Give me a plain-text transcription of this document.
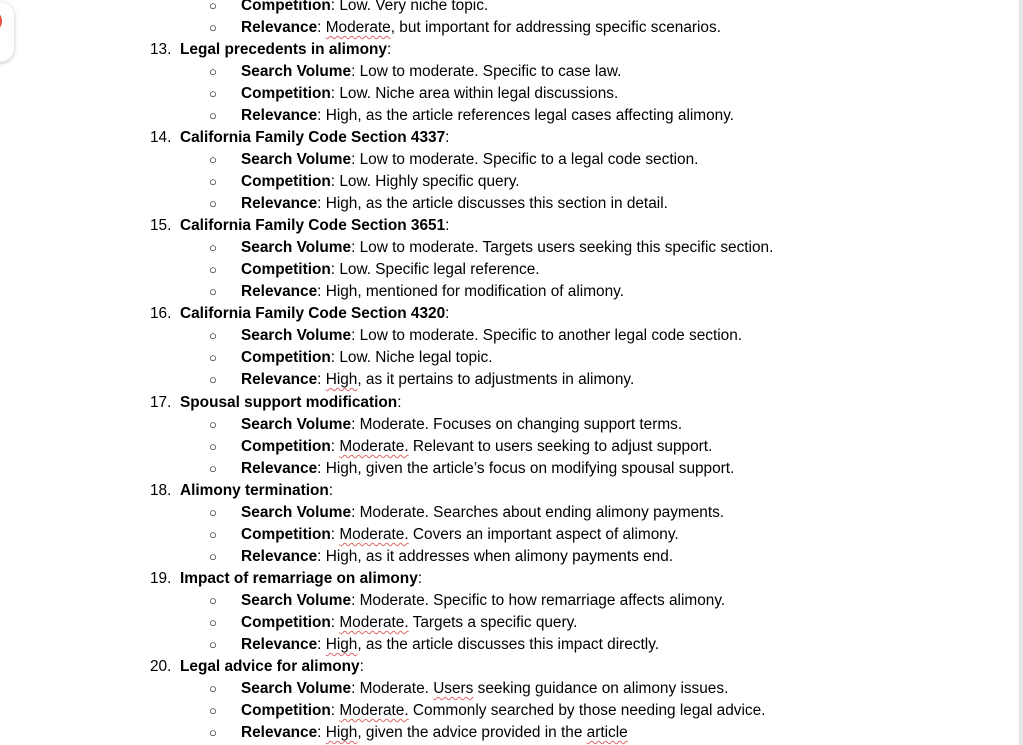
○ Competition: Low. Very niche topic.
○ Relevance: Moderate, but important for addressing specific scenarios.
13. Legal precedents in alimony:
○ Search Volume: Low to moderate. Specific to case law.
○ Competition: Low. Niche area within legal discussions.
○ Relevance: High, as the article references legal cases affecting alimony.
14. California Family Code Section 4337:
○ Search Volume: Low to moderate. Specific to a legal code section.
○ Competition: Low. Highly specific query.
○ Relevance: High, as the article discusses this section in detail.
15. California Family Code Section 3651:
○ Search Volume: Low to moderate. Targets users seeking this specific section.
○ Competition: Low. Specific legal reference.
○ Relevance: High, mentioned for modification of alimony.
16. California Family Code Section 4320:
○ Search Volume: Low to moderate. Specific to another legal code section.
○ Competition: Low. Niche legal topic.
○ Relevance: High, as it pertains to adjustments in alimony.
17. Spousal support modification:
○ Search Volume: Moderate. Focuses on changing support terms.
○ Competition: Moderate. Relevant to users seeking to adjust support.
○ Relevance: High, given the article’s focus on modifying spousal support.
18. Alimony termination:
○ Search Volume: Moderate. Searches about ending alimony payments.
○ Competition: Moderate. Covers an important aspect of alimony.
○ Relevance: High, as it addresses when alimony payments end.
19. Impact of remarriage on alimony:
○ Search Volume: Moderate. Specific to how remarriage affects alimony.
○ Competition: Moderate. Targets a specific query.
○ Relevance: High, as the article discusses this impact directly.
20. Legal advice for alimony:
○ Search Volume: Moderate. Users seeking guidance on alimony issues.
○ Competition: Moderate. Commonly searched by those needing legal advice.
○ Relevance: High, given the advice provided in the article
